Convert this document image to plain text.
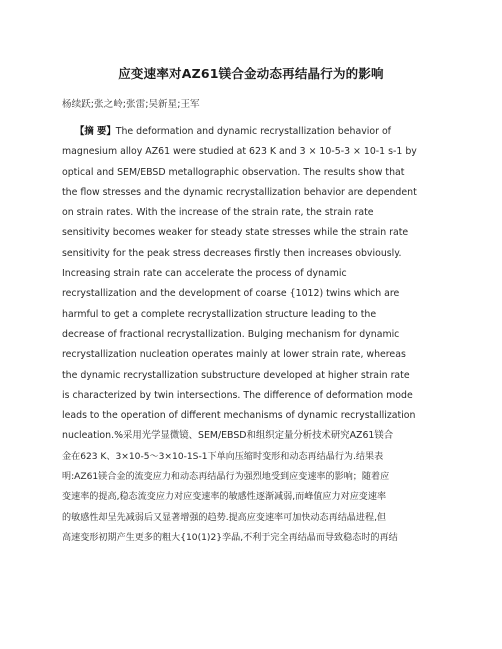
应变速率对AZ61镁合金动态再结晶行为的影响
杨续跃;张之岭;张雷;吴新星;王军
【摘 要】The deformation and dynamic recrystallization behavior of
magnesium alloy AZ61 were studied at 623 K and 3 × 10-5-3 × 10-1 s-1 by
optical and SEM/EBSD metallographic observation. The results show that
the flow stresses and the dynamic recrystallization behavior are dependent
on strain rates. With the increase of the strain rate, the strain rate
sensitivity becomes weaker for steady state stresses while the strain rate
sensitivity for the peak stress decreases firstly then increases obviously.
Increasing strain rate can accelerate the process of dynamic
recrystallization and the development of coarse {1012) twins which are
harmful to get a complete recrystallization structure leading to the
decrease of fractional recrystallization. Bulging mechanism for dynamic
recrystallization nucleation operates mainly at lower strain rate, whereas
the dynamic recrystallization substructure developed at higher strain rate
is characterized by twin intersections. The difference of deformation mode
leads to the operation of different mechanisms of dynamic recrystallization
nucleation.%采用光学显微镜、SEM/EBSD和组织定量分析技术研究AZ61镁合
金在623 K、3×10-5～3×10-1S-1下单向压缩时变形和动态再结晶行为.结果表
明:AZ61镁合金的流变应力和动态再结晶行为强烈地受到应变速率的影响；随着应
变速率的提高,稳态流变应力对应变速率的敏感性逐渐减弱,而峰值应力对应变速率
的敏感性却呈先减弱后又显著增强的趋势.提高应变速率可加快动态再结晶进程,但
高速变形初期产生更多的粗大{10(1)2}孪晶,不利于完全再结晶而导致稳态时的再结
